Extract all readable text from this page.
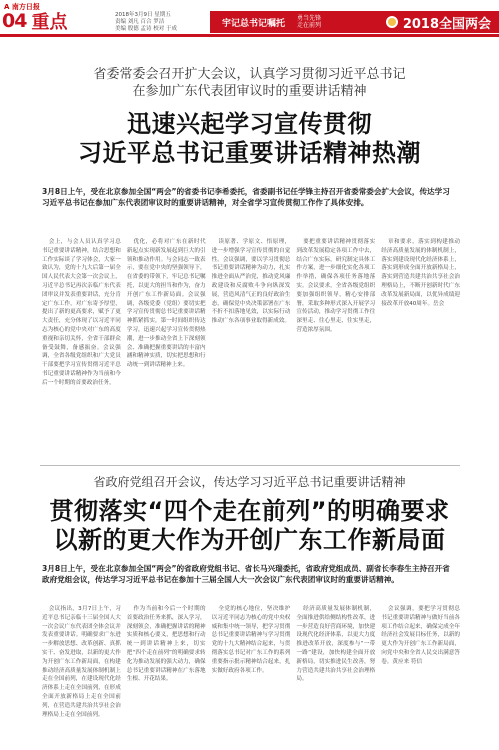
A 南方日报
04 重点	2018年3月9日 星期五
责编 刘凡 百合 罗洁
美编 殷德 孟诗 校对 于成
宇记总书记嘱托 勇当先锋
走在前列	2018全国两会
省委常委会召开扩大会议，认真学习贯彻习近平总书记
在参加广东代表团审议时的重要讲话精神
迅速兴起学习宣传贯彻
习近平总书记重要讲话精神热潮
3月8日上午，受在北京参加全国“两会”的省委书记李希委托，省委副书记任学锋主持召开省委常委会扩大会议，传达学习习近平总书记在参加广东代表团审议时的重要讲话精神，对全省学习宣传贯彻工作作了具体安排。
会上，与会人员认真学习总书记重要讲话精神，结合思想和工作实际谈了学习体会，大家一致认为，党的十九大后第一届全国人民代表大会第一次会议上，习近平总书记再次亲临广东代表团审议并发表重要讲话，充分肯定广东工作，对广东寄予厚望，提出了新的更高要求，赋予了更大责任，充分体现了以习近平同志为核心的党中央对广东的高度重视和亲切关怀，全省干部群众备受鼓舞，备感振奋。会议强调，全省各级党组织和广大党员干部要把学习宣传贯彻习近平总书记重要讲话精神作为当前和今后一个时期的首要政治任务，
优化，必将对广东在新时代新起点实现新发展起到巨大的引领和推动作用。与会同志一致表示，要在党中央的坚强领导下，在省委的带领下，牢记总书记嘱托，以更大的担当和作为，奋力开创广东工作新局面。会议强调，各级党委（党组）要切实把学习宣传贯彻总书记重要讲话精神抓紧抓实，第一时间组织传达学习，迅速兴起学习宣传贯彻热潮，进一步推动全省上下深刻领会、准确把握重要讲话的丰富内涵和精神实质，切实把思想和行动统一到讲话精神上来。
读原著、学原文、悟原理，进一步增强学习宣传贯彻的自觉性。会议强调，要以学习贯彻总书记重要讲话精神为动力，扎实推进全面从严治党，推动党风廉政建设和反腐败斗争向纵深发展，营造风清气正的良好政治生态，确保党中央决策部署在广东不折不扣落地见效，以实际行动推动广东各项事业取得新成效。
要把重要讲话精神贯彻落实到改革发展稳定各项工作中去，结合广东实际，研究制定具体工作方案，进一步细化实化各项工作举措，确保各项任务落地落实。会议要求，全省各级党组织要加强组织领导，精心安排部署，采取多种形式深入开展学习宣传活动，推动学习贯彻工作往深里走、往心里走、往实里走，营造浓厚氛围。
章和要求，落实到构建推动经济高质量发展的体制机制上，落实到建设现代化经济体系上，落实到形成全面开放新格局上，落实到营造共建共治共享社会治理格局上，不断开创新时代广东改革发展新局面，以优异成绩迎接改革开放40周年。岳会
省政府党组召开会议，传达学习习近平总书记重要讲话精神
贯彻落实“四个走在前列”的明确要求
以新的更大作为开创广东工作新局面
3月8日上午，受在北京参加全国“两会”的省政府党组书记、省长马兴瑞委托，省政府党组成员、副省长李春生主持召开省政府党组会议，传达学习习近平总书记在参加十三届全国人大一次会议广东代表团审议时的重要讲话精神。
会议指出，3月7日上午，习近平总书记亲临十三届全国人大一次会议广东代表团全体会议并发表重要讲话。明确要求广东进一步解放思想、改革创新、真抓实干、奋发进取，以新的更大作为开创广东工作新局面，在构建推动经济高质量发展体制机制上走在全国前列，在建设现代化经济体系上走在全国前列，在形成全面开放新格局上走在全国前列，在营造共建共治共享社会治理格局上走在全国前列。
作为当前和今后一个时期的首要政治任务来抓，深入学习，深刻领会，准确把握讲话的精神实质和核心要义，把思想和行动统一到讲话精神上来，切实把“四个走在前列”的明确要求转化为推动发展的强大动力，确保总书记重要讲话精神在广东落地生根、开花结果。
全党的核心地位，坚决维护以习近平同志为核心的党中央权威和集中统一领导，把学习贯彻总书记重要讲话精神与学习贯彻党的十九大精神结合起来，与贯彻落实总书记对广东工作的系列重要指示批示精神结合起来，扎实做好政府各项工作。
经济高质量发展体制机制，全面推进供给侧结构性改革，进一步营造良好营商环境，加快建设现代化经济体系，以更大力度推进改革开放，深度参与“一带一路”建设，加快构建全面开放新格局，切实推进民生改善，努力营造共建共治共享社会治理格局。
会议强调，要把学习贯彻总书记重要讲话精神与做好当前各项工作结合起来，确保完成全年经济社会发展目标任务，以新的更大作为开创广东工作新局面，向党中央和全省人民交出满意答卷。黄应来 符信
